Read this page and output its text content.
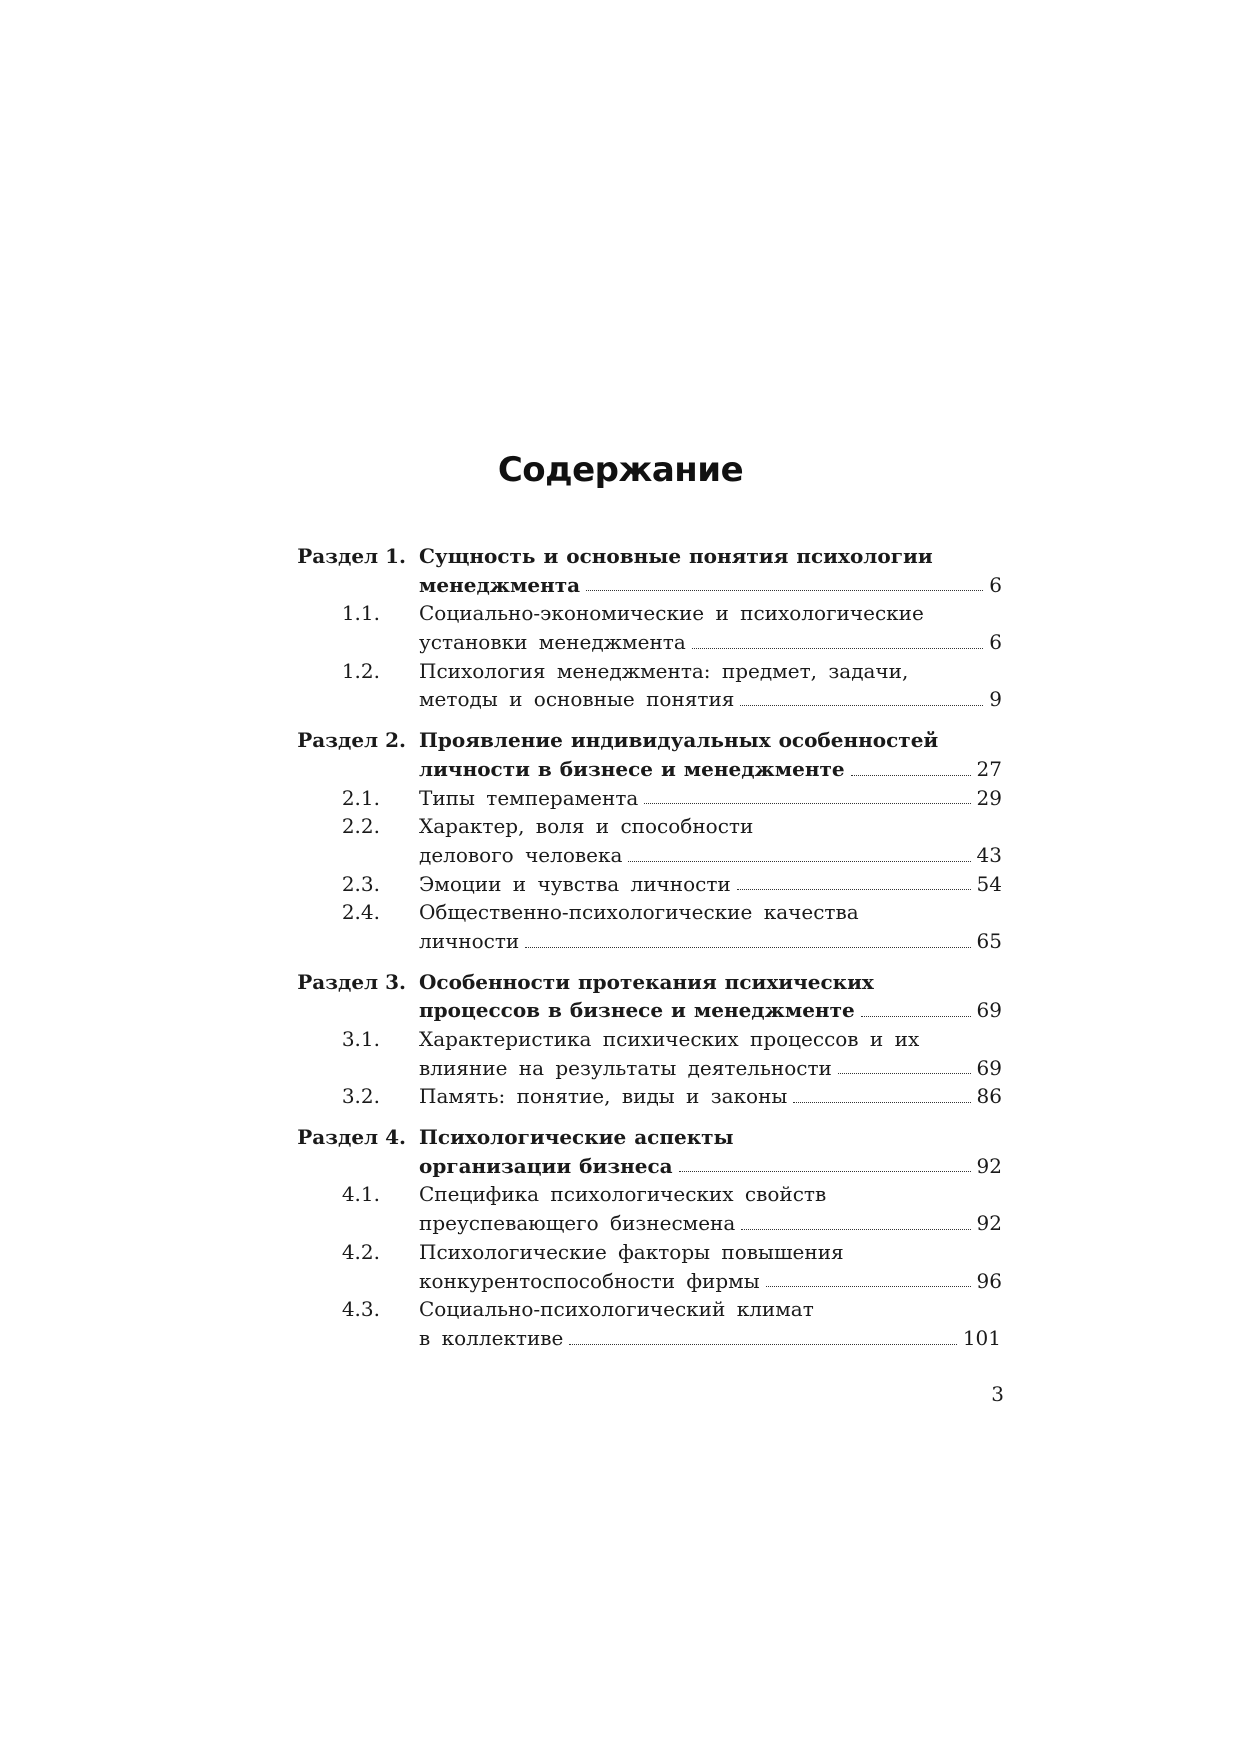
Содержание
Раздел 1. Сущность и основные понятия психологии
менеджмента	6
1.1. Социально-экономические и психологические
установки менеджмента	6
1.2. Психология менеджмента: предмет, задачи,
методы и основные понятия	9
Раздел 2. Проявление индивидуальных особенностей
личности в бизнесе и менеджменте	27
2.1. Типы темперамента	29
2.2. Характер, воля и способности
делового человека	43
2.3. Эмоции и чувства личности	54
2.4. Общественно-психологические качества
личности	65
Раздел 3. Особенности протекания психических
процессов в бизнесе и менеджменте	69
3.1. Характеристика психических процессов и их
влияние на результаты деятельности	69
3.2. Память: понятие, виды и законы	86
Раздел 4. Психологические аспекты
организации бизнеса	92
4.1. Специфика психологических свойств
преуспевающего бизнесмена	92
4.2. Психологические факторы повышения
конкурентоспособности фирмы	96
4.3. Социально-психологический климат
в коллективе	101
3
